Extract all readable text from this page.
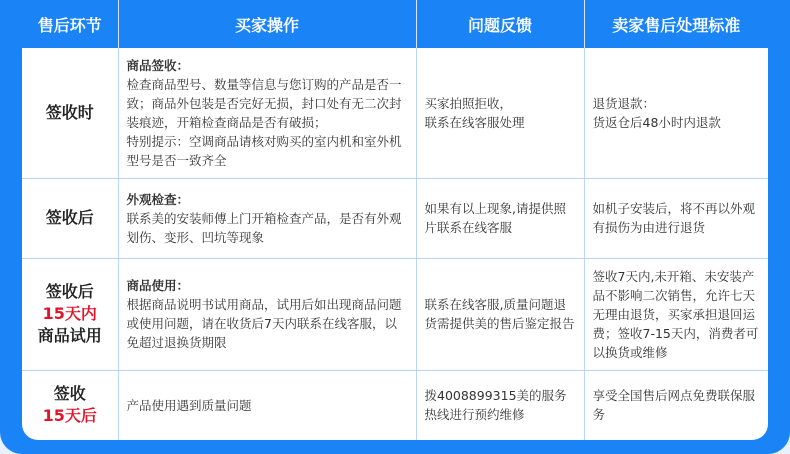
售后环节	买家操作	问题反馈	卖家售后处理标准

签收时	商品签收：
检查商品型号、数量等信息与您订购的产品是否一致；商品外包装是否完好无损，封口处有无二次封装痕迹，开箱检查商品是否有破损；
特别提示：空调商品请核对购买的室内机和室外机型号是否一致齐全	买家拍照拒收，
联系在线客服处理	退货退款：
货返仓后48小时内退款

签收后	外观检查：
联系美的安装师傅上门开箱检查产品，是否有外观划伤、变形、凹坑等现象	如果有以上现象,请提供照片联系在线客服	如机子安装后，将不再以外观有损伤为由进行退货

签收后
15天内
商品试用	商品使用：
根据商品说明书试用商品，试用后如出现商品问题或使用问题，请在收货后7天内联系在线客服，以免超过退换货期限	联系在线客服,质量问题退货需提供美的售后鉴定报告	签收7天内,未开箱、未安装产品不影响二次销售，允许七天无理由退货，买家承担退回运费；签收7-15天内，消费者可以换货或维修

签收
15天后	产品使用遇到质量问题	拨4008899315美的服务热线进行预约维修	享受全国售后网点免费联保服务
